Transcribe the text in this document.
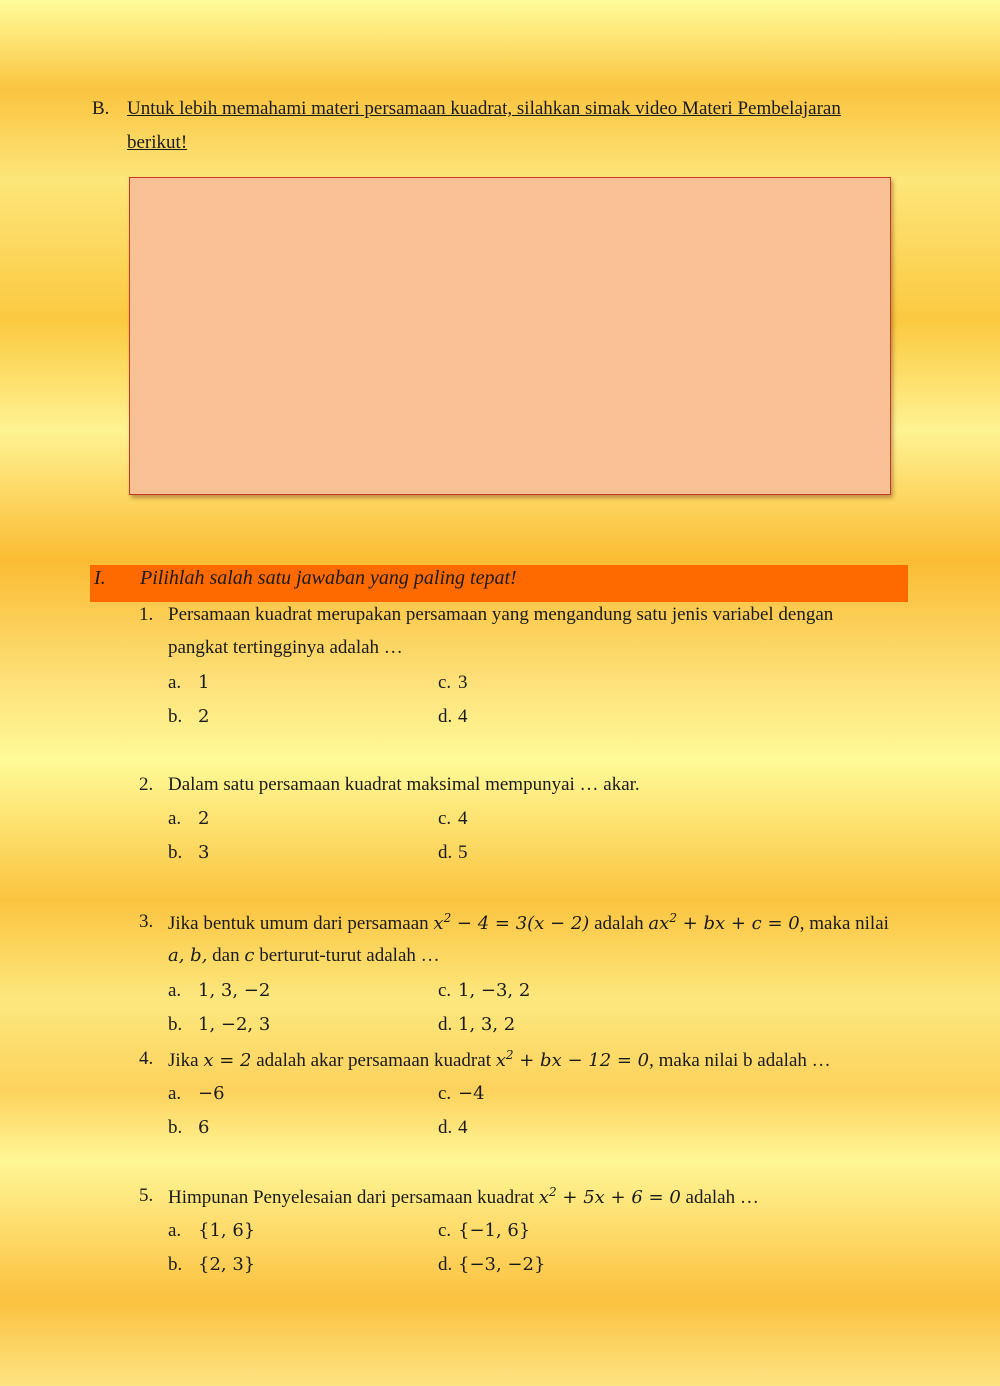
B. Untuk lebih memahami materi persamaan kuadrat, silahkan simak video Materi Pembelajaran berikut!
I. Pilihlah salah satu jawaban yang paling tepat!
1. Persamaan kuadrat merupakan persamaan yang mengandung satu jenis variabel dengan
pangkat tertingginya adalah …
a. 1
b. 2
c. 3
d. 4
2. Dalam satu persamaan kuadrat maksimal mempunyai … akar.
a. 2
b. 3
c. 4
d. 5
3. Jika bentuk umum dari persamaan $x^2 - 4 = 3(x - 2)$ adalah $ax^2$ + bx + c = 0, maka nilai
a, b, dan c berturut-turut adalah …
a. 1, 3, −2
b. 1, −2, 3
c. 1, −3, 2
d. 1, 3, 2
4. Jika x = 2 adalah akar persamaan kuadrat $x^2$ + bx − 12 = 0, maka nilai b adalah …
a. −6
b. 6
c. −4
d. 4
5. Himpunan Penyelesaian dari persamaan kuadrat $x^2 + 5x + 6 = 0$ adalah …
a. {1, 6}
b. {2, 3}
c. {−1, 6}
d. {−3, −2}
